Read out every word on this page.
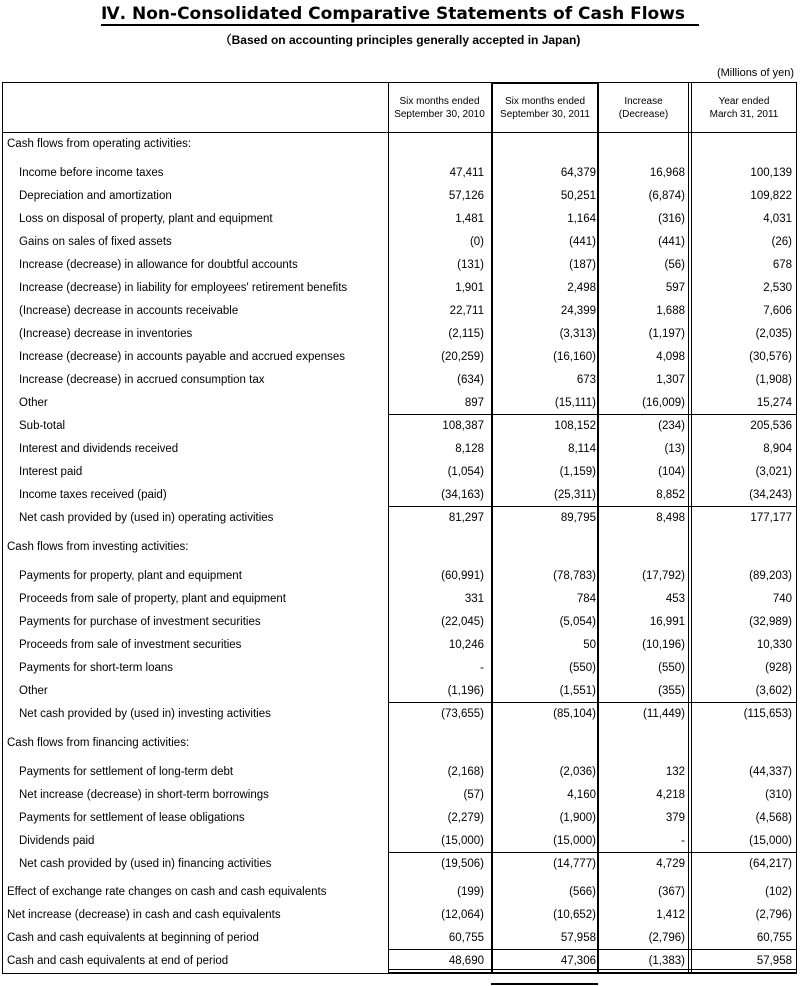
Ⅳ. Non-Consolidated Comparative Statements of Cash Flows
（Based on accounting principles generally accepted in Japan)
(Millions of yen)
Six months ended
September 30, 2010
Six months ended
September 30, 2011
Increase
(Decrease)
Year ended
March 31, 2011
Cash flows from operating activities:
Income before income taxes	47,411	64,379	16,968	100,139
Depreciation and amortization	57,126	50,251	(6,874)	109,822
Loss on disposal of property, plant and equipment	1,481	1,164	(316)	4,031
Gains on sales of fixed assets	(0)	(441)	(441)	(26)
Increase (decrease) in allowance for doubtful accounts	(131)	(187)	(56)	678
Increase (decrease) in liability for employees' retirement benefits	1,901	2,498	597	2,530
(Increase) decrease in accounts receivable	22,711	24,399	1,688	7,606
(Increase) decrease in inventories	(2,115)	(3,313)	(1,197)	(2,035)
Increase (decrease) in accounts payable and accrued expenses	(20,259)	(16,160)	4,098	(30,576)
Increase (decrease) in accrued consumption tax	(634)	673	1,307	(1,908)
Other	897	(15,111)	(16,009)	15,274
Sub-total	108,387	108,152	(234)	205,536
Interest and dividends received	8,128	8,114	(13)	8,904
Interest paid	(1,054)	(1,159)	(104)	(3,021)
Income taxes received (paid)	(34,163)	(25,311)	8,852	(34,243)
Net cash provided by (used in) operating activities	81,297	89,795	8,498	177,177
Cash flows from investing activities:
Payments for property, plant and equipment	(60,991)	(78,783)	(17,792)	(89,203)
Proceeds from sale of property, plant and equipment	331	784	453	740
Payments for purchase of investment securities	(22,045)	(5,054)	16,991	(32,989)
Proceeds from sale of investment securities	10,246	50	(10,196)	10,330
Payments for short-term loans	-	(550)	(550)	(928)
Other	(1,196)	(1,551)	(355)	(3,602)
Net cash provided by (used in) investing activities	(73,655)	(85,104)	(11,449)	(115,653)
Cash flows from financing activities:
Payments for settlement of long-term debt	(2,168)	(2,036)	132	(44,337)
Net increase (decrease) in short-term borrowings	(57)	4,160	4,218	(310)
Payments for settlement of lease obligations	(2,279)	(1,900)	379	(4,568)
Dividends paid	(15,000)	(15,000)	-	(15,000)
Net cash provided by (used in) financing activities	(19,506)	(14,777)	4,729	(64,217)
Effect of exchange rate changes on cash and cash equivalents	(199)	(566)	(367)	(102)
Net increase (decrease) in cash and cash equivalents	(12,064)	(10,652)	1,412	(2,796)
Cash and cash equivalents at beginning of period	60,755	57,958	(2,796)	60,755
Cash and cash equivalents at end of period	48,690	47,306	(1,383)	57,958
